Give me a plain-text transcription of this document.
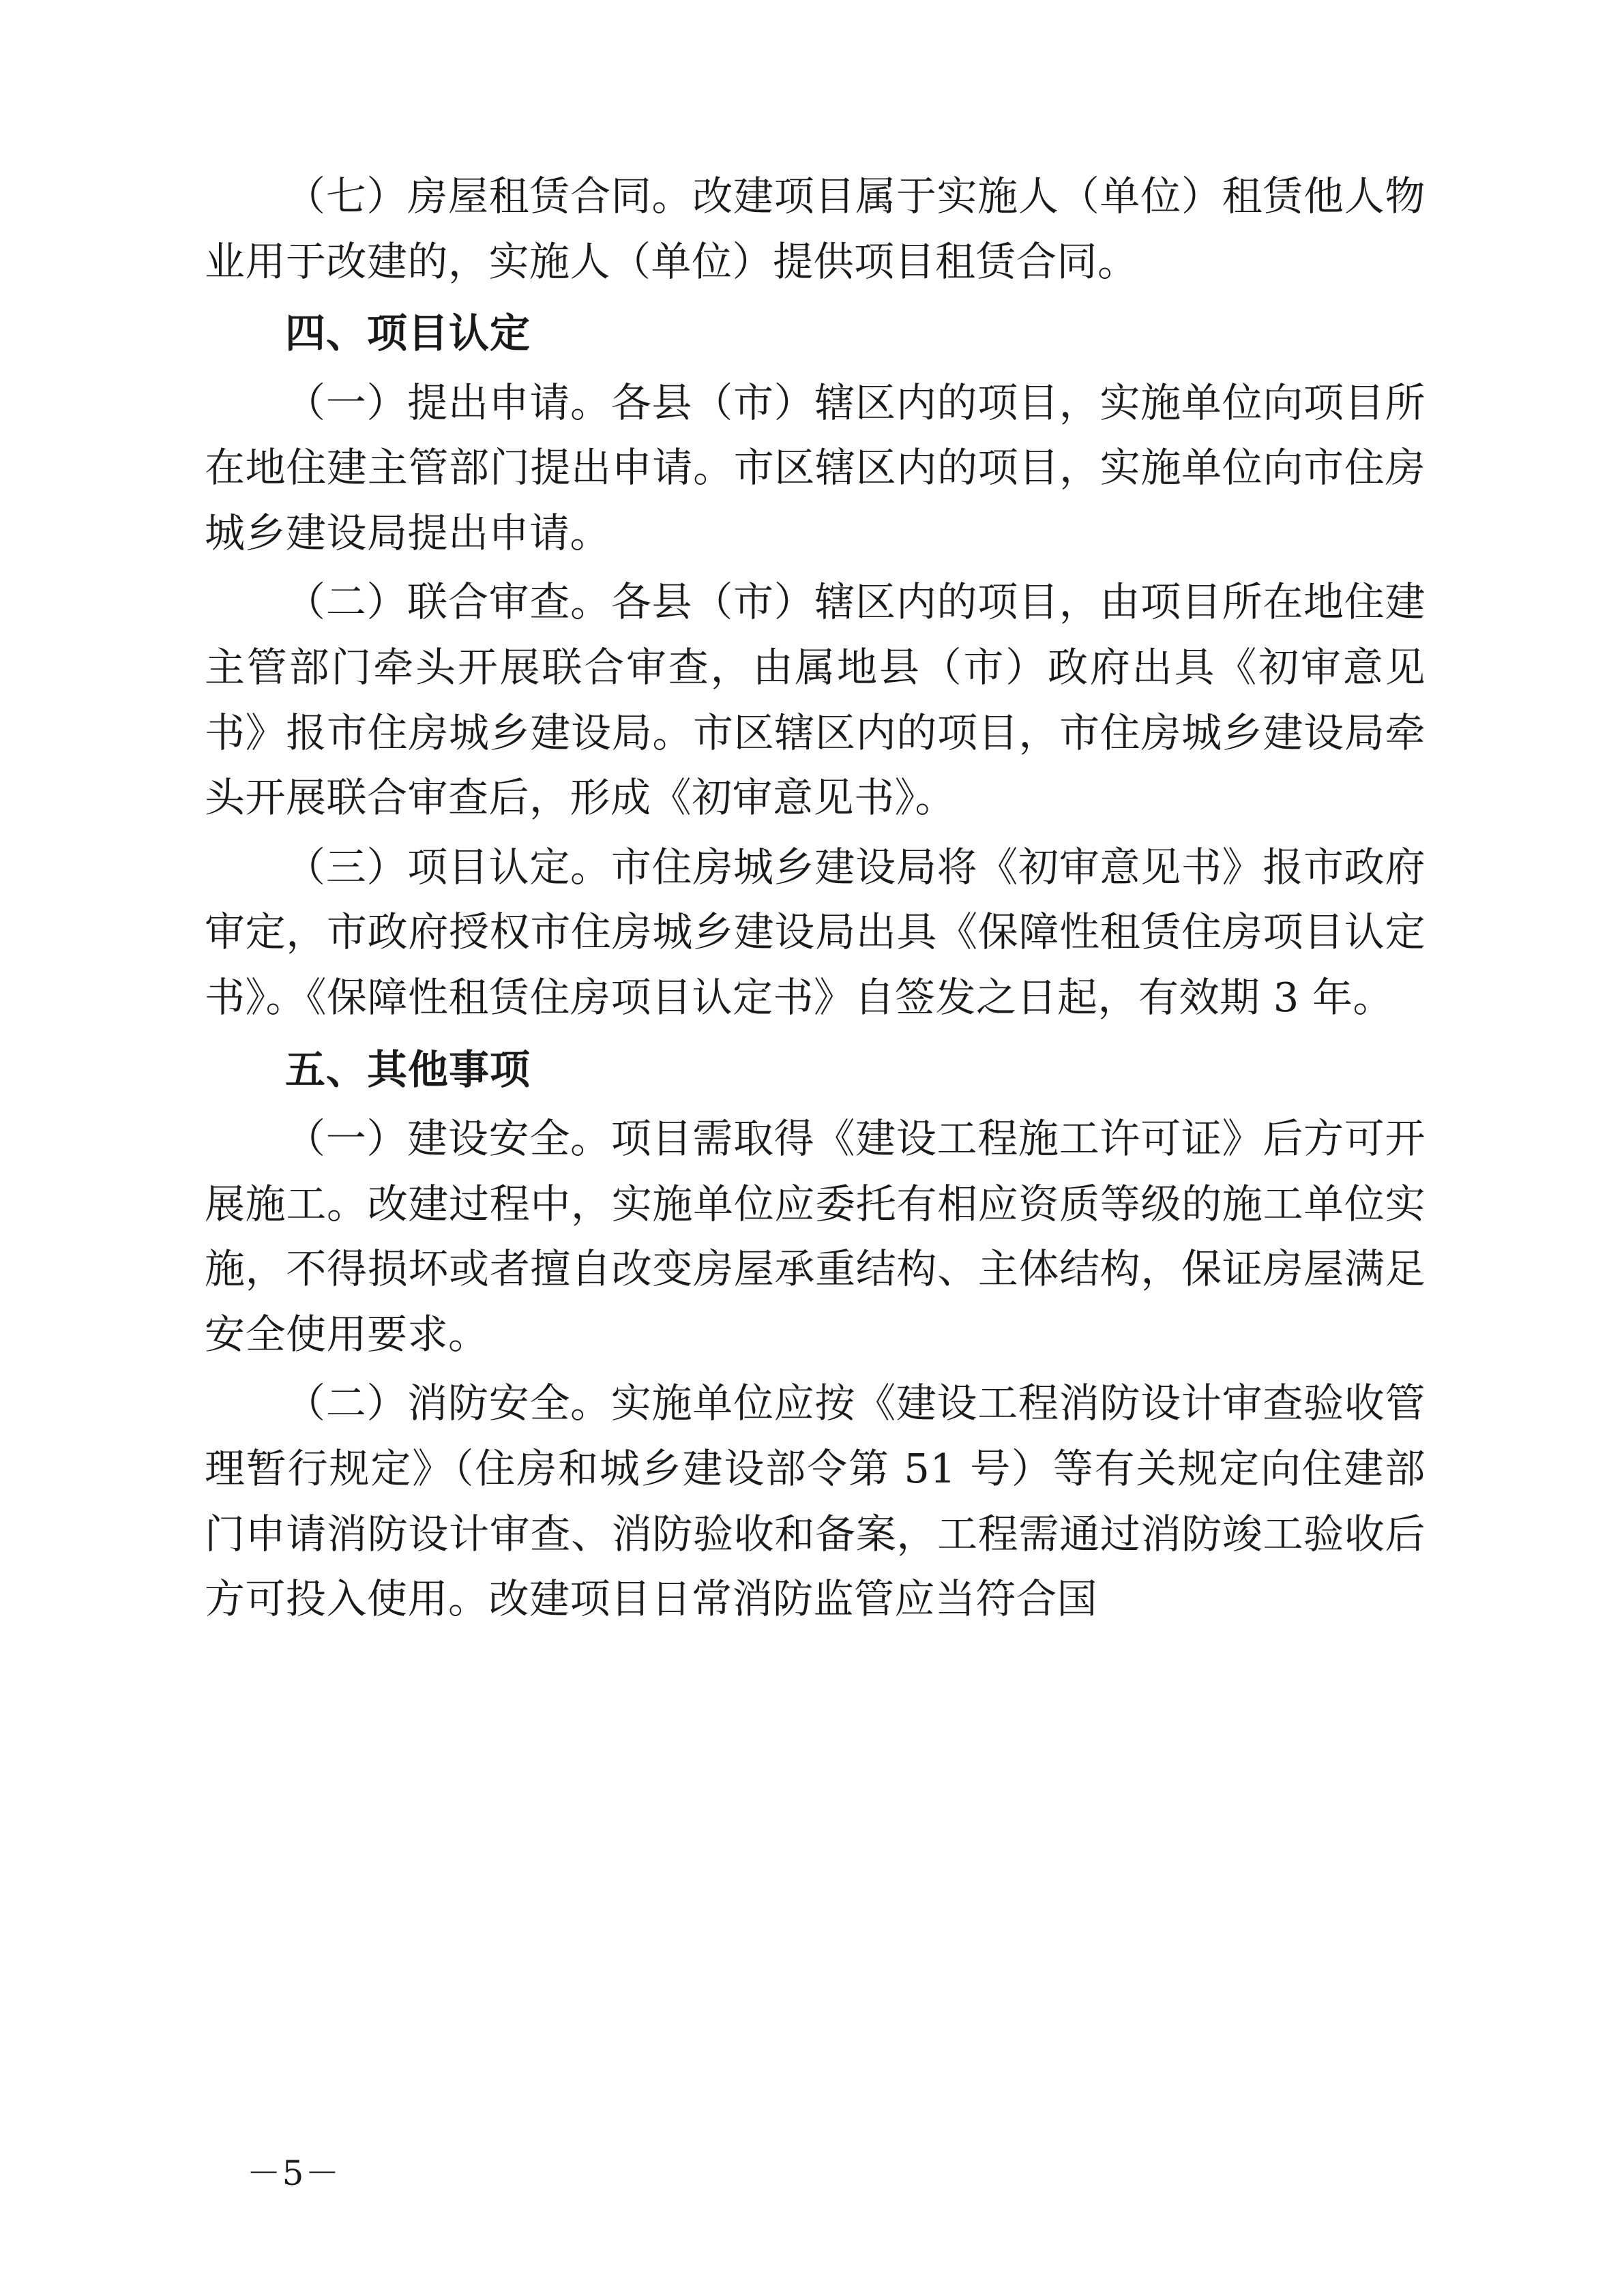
（七）房屋租赁合同。改建项目属于实施人（单位）租赁他人物业用于改建的，实施人（单位）提供项目租赁合同。

四、项目认定

（一）提出申请。各县（市）辖区内的项目，实施单位向项目所在地住建主管部门提出申请。市区辖区内的项目，实施单位向市住房城乡建设局提出申请。

（二）联合审查。各县（市）辖区内的项目，由项目所在地住建主管部门牵头开展联合审查，由属地县（市）政府出具《初审意见书》报市住房城乡建设局。市区辖区内的项目，市住房城乡建设局牵头开展联合审查后，形成《初审意见书》。

（三）项目认定。市住房城乡建设局将《初审意见书》报市政府审定，市政府授权市住房城乡建设局出具《保障性租赁住房项目认定书》。《保障性租赁住房项目认定书》自签发之日起，有效期 3 年。

五、其他事项

（一）建设安全。项目需取得《建设工程施工许可证》后方可开展施工。改建过程中，实施单位应委托有相应资质等级的施工单位实施，不得损坏或者擅自改变房屋承重结构、主体结构，保证房屋满足安全使用要求。

（二）消防安全。实施单位应按《建设工程消防设计审查验收管理暂行规定》（住房和城乡建设部令第 51 号）等有关规定向住建部门申请消防设计审查、消防验收和备案，工程需通过消防竣工验收后方可投入使用。改建项目日常消防监管应当符合国

－5－
